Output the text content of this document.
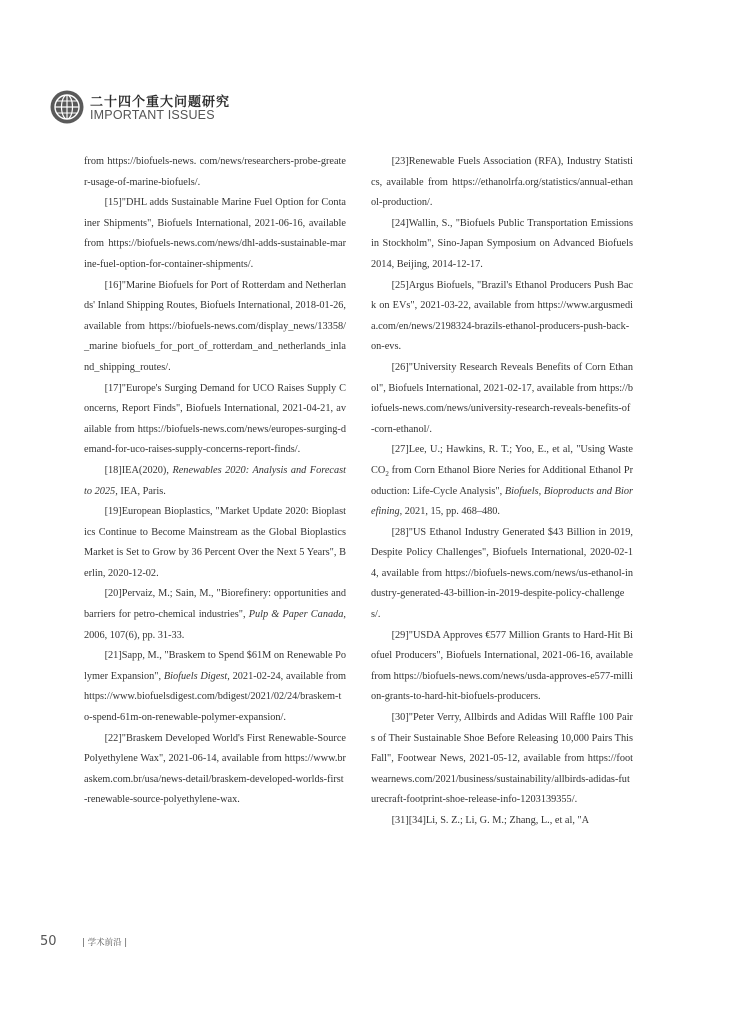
二十四个重大问题研究
IMPORTANT ISSUES

from https://biofuels-news. com/news/researchers-probe-greater-usage-of-marine-biofuels/.

[15]"DHL adds Sustainable Marine Fuel Option for Container Shipments", Biofuels International, 2021-06-16, available from https://biofuels-news.com/news/dhl-adds-sustainable-marine-fuel-option-for-container-shipments/.

[16]"Marine Biofuels for Port of Rotterdam and Netherlands' Inland Shipping Routes, Biofuels International, 2018-01-26, available from https://biofuels-news.com/display_news/13358/_marine biofuels_for_port_of_rotterdam_and_netherlands_inland_shipping_routes/.

[17]"Europe's Surging Demand for UCO Raises Supply Concerns, Report Finds", Biofuels International, 2021-04-21, available from https://biofuels-news.com/news/europes-surging-demand-for-uco-raises-supply-concerns-report-finds/.

[18]IEA(2020), Renewables 2020: Analysis and Forecast to 2025, IEA, Paris.

[19]European Bioplastics, "Market Update 2020: Bioplastics Continue to Become Mainstream as the Global Bioplastics Market is Set to Grow by 36 Percent Over the Next 5 Years", Berlin, 2020-12-02.

[20]Pervaiz, M.; Sain, M., "Biorefinery: opportunities and barriers for petro-chemical industries", Pulp & Paper Canada, 2006, 107(6), pp. 31-33.

[21]Sapp, M., "Braskem to Spend $61M on Renewable Polymer Expansion", Biofuels Digest, 2021-02-24, available from https://www.biofuelsdigest.com/bdigest/2021/02/24/braskem-to-spend-61m-on-renewable-polymer-expansion/.

[22]"Braskem Developed World's First Renewable-Source Polyethylene Wax", 2021-06-14, available from https://www.braskem.com.br/usa/news-detail/braskem-developed-worlds-first-renewable-source-polyethylene-wax.

[23]Renewable Fuels Association (RFA), Industry Statistics, available from https://ethanolrfa.org/statistics/annual-ethanol-production/.

[24]Wallin, S., "Biofuels Public Transportation Emissions in Stockholm", Sino-Japan Symposium on Advanced Biofuels 2014, Beijing, 2014-12-17.

[25]Argus Biofuels, "Brazil's Ethanol Producers Push Back on EVs", 2021-03-22, available from https://www.argusmedia.com/en/news/2198324-brazils-ethanol-producers-push-back-on-evs.

[26]"University Research Reveals Benefits of Corn Ethanol", Biofuels International, 2021-02-17, available from https://biofuels-news.com/news/university-research-reveals-benefits-of-corn-ethanol/.

[27]Lee, U.; Hawkins, R. T.; Yoo, E., et al, "Using Waste $CO_2$ from Corn Ethanol Biore Neries for Additional Ethanol Production: Life-Cycle Analysis", Biofuels, Bioproducts and Biorefining, 2021, 15, pp. 468–480.

[28]"US Ethanol Industry Generated $43 Billion in 2019, Despite Policy Challenges", Biofuels International, 2020-02-14, available from https://biofuels-news.com/news/us-ethanol-industry-generated-43-billion-in-2019-despite-policy-challenges/.

[29]"USDA Approves €577 Million Grants to Hard-Hit Biofuel Producers", Biofuels International, 2021-06-16, available from https://biofuels-news.com/news/usda-approves-e577-million-grants-to-hard-hit-biofuels-producers.

[30]"Peter Verry, Allbirds and Adidas Will Raffle 100 Pairs of Their Sustainable Shoe Before Releasing 10,000 Pairs This Fall", Footwear News, 2021-05-12, available from https://footwearnews.com/2021/business/sustainability/allbirds-adidas-futurecraft-footprint-shoe-release-info-1203139355/.

[31][34]Li, S. Z.; Li, G. M.; Zhang, L., et al, "A

50	| 学术前沿 |
